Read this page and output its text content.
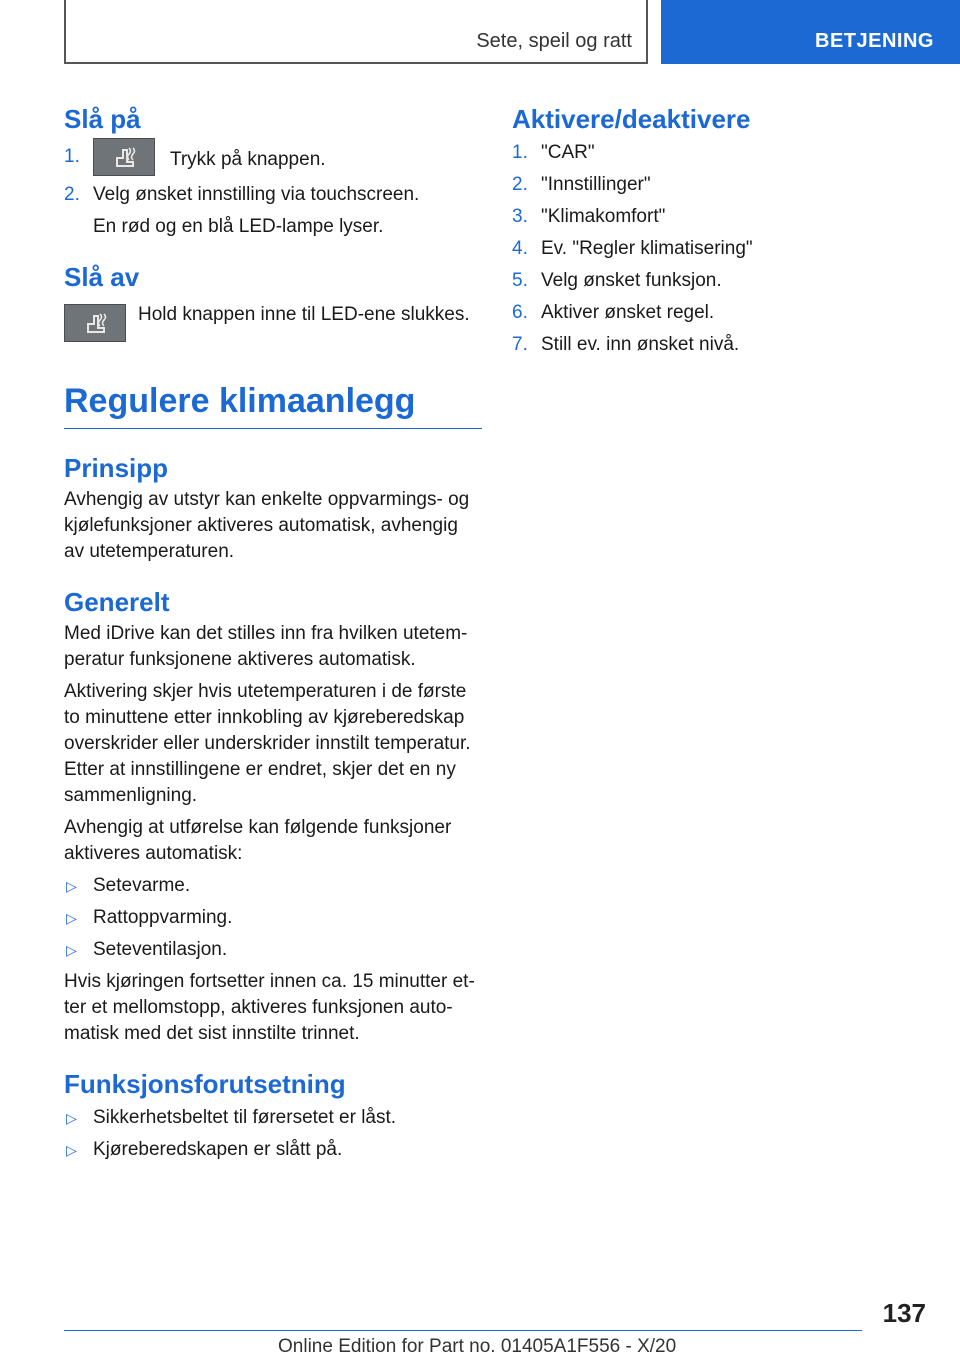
Sete, speil og ratt	BETJENING
Slå på
1.	Trykk på knappen.
2. Velg ønsket innstilling via touchscreen.
En rød og en blå LED-lampe lyser.
Slå av

Hold knappen inne til LED-ene slukkes.

Regulere klimaanlegg
Prinsipp

Avhengig av utstyr kan enkelte oppvarmings- og kjølefunksjoner aktiveres automatisk, avhengig av utetemperaturen.

Generelt

Med iDrive kan det stilles inn fra hvilken utetem-peratur funksjonene aktiveres automatisk.

Aktivering skjer hvis utetemperaturen i de første to minuttene etter innkobling av kjøreberedskap overskrider eller underskrider innstilt temperatur. Etter at innstillingene er endret, skjer det en ny sammenligning.

Avhengig at utførelse kan følgende funksjoner aktiveres automatisk:

▷ Setevarme.
▷ Rattoppvarming.
▷ Seteventilasjon.

Hvis kjøringen fortsetter innen ca. 15 minutter et-ter et mellomstopp, aktiveres funksjonen auto-matisk med det sist innstilte trinnet.

Funksjonsforutsetning
▷ Sikkerhetsbeltet til førersetet er låst.
▷ Kjøreberedskapen er slått på.
Aktivere/deaktivere
1. "CAR"
2. "Innstillinger"
3. "Klimakomfort"
4. Ev. "Regler klimatisering"
5. Velg ønsket funksjon.
6. Aktiver ønsket regel.
7. Still ev. inn ønsket nivå.
137
Online Edition for Part no. 01405A1F556 - X/20
